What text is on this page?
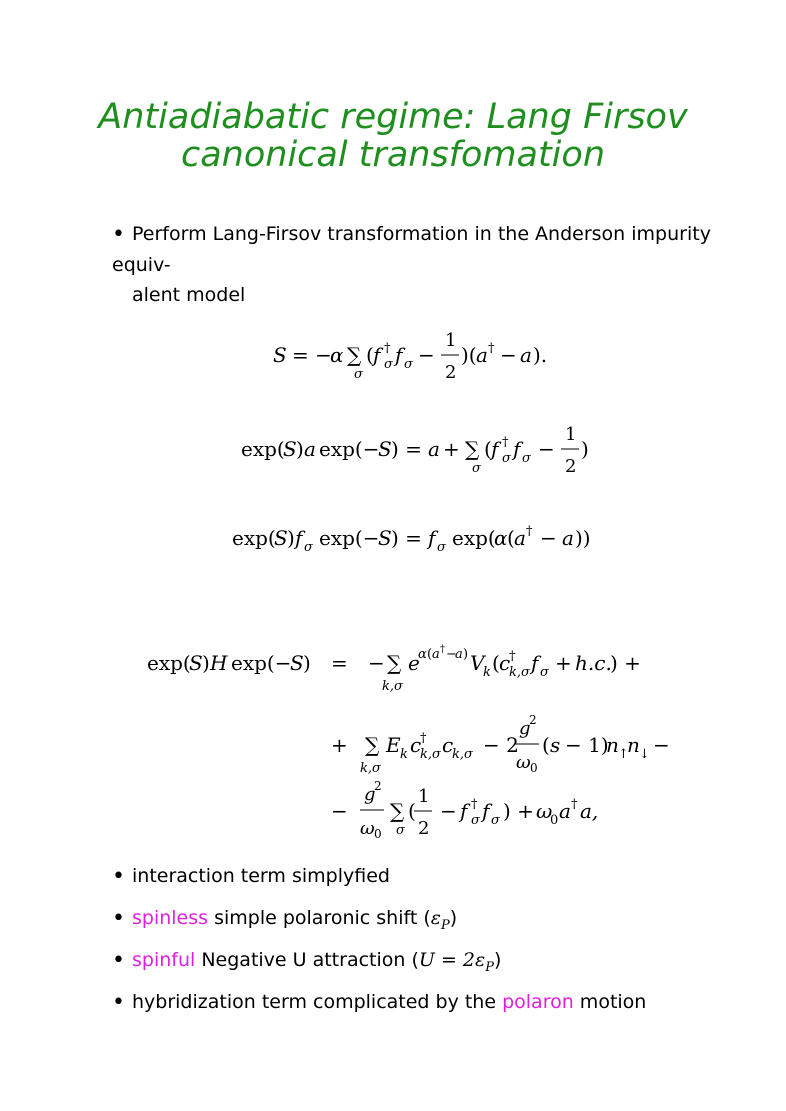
Antiadiabatic regime: Lang Firsov
canonical transfomation
• Perform Lang-Firsov transformation in the Anderson impurity equiv-
alent model
S = −
α ∑
σ
( f †
σ f σ −
1
2
)( a † − a ).
exp(
S ) a exp(−
S ) = a + ∑
σ
( f †
σ f σ −
1
2
)
exp(
S ) f σ exp(−
S ) = f σ exp(
α ( a † − a ))
exp(
S ) H exp(−
S ) = − ∑
k,σ
e
α ( a † −
a ) V
k ( c
†
k,σ f σ + h.c.
) +
+ ∑
k,σ
E k c
†
k,σ c
k,σ − 2
g
2
ω 0
( s − 1)
n ↑
n ↓ −
−
g
2
ω 0
∑
σ
(
1
2
− f †
σ f σ ) + ω
0 a † a,
• interaction term simplyfied
• spinless simple polaronic shift $(\varepsilon_P)$
• spinful Negative U attraction $(U = 2\varepsilon_P)$
• hybridization term complicated by the polaron motion
